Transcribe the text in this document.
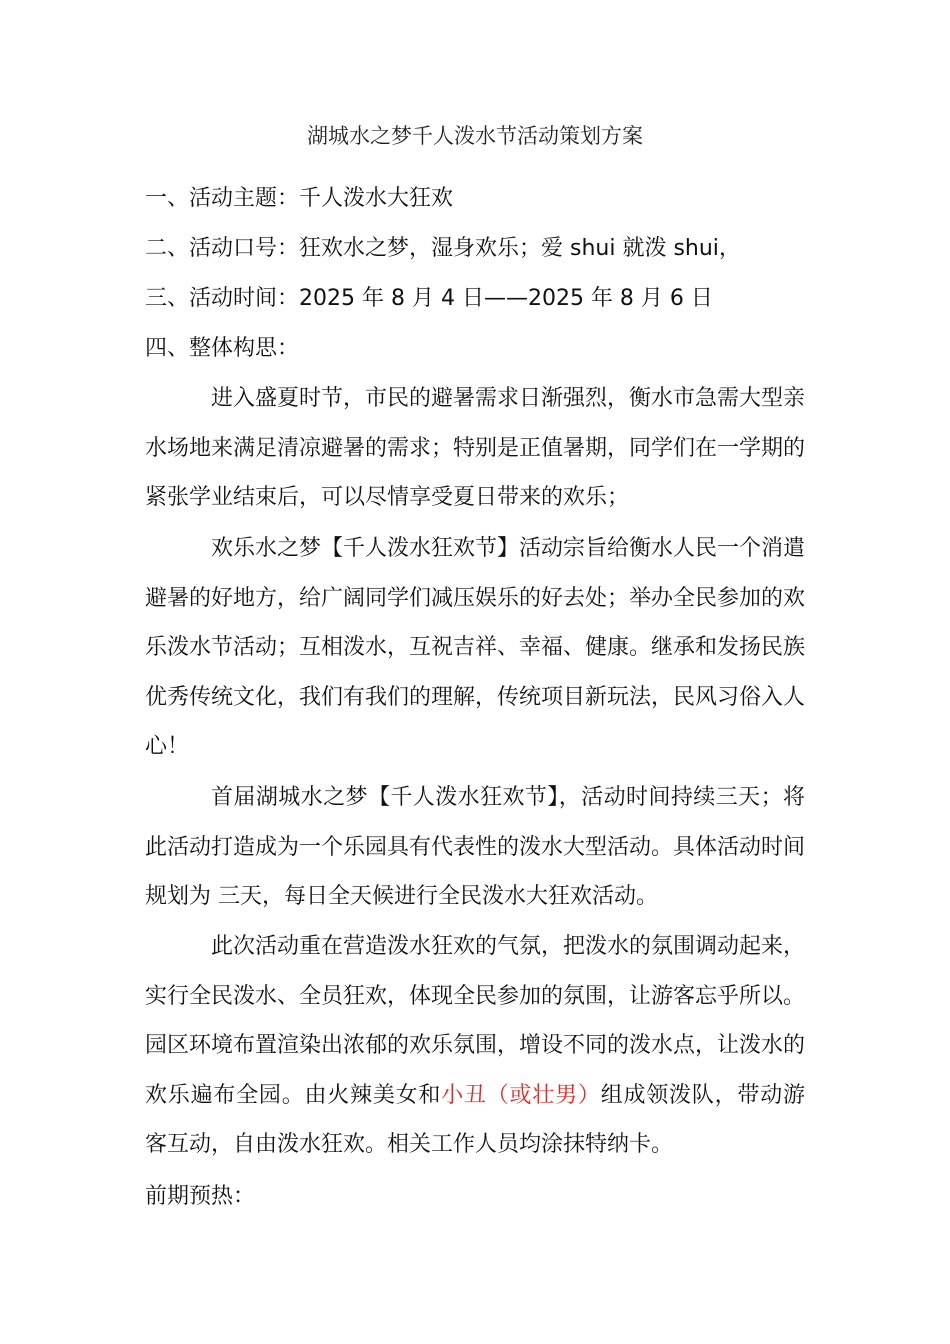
湖城水之梦千人泼水节活动策划方案
一、活动主题：千人泼水大狂欢
二、活动口号：狂欢水之梦，湿身欢乐；爱 shui 就泼 shui，
三、活动时间：2025 年 8 月 4 日——2025 年 8 月 6 日
四、整体构思：
进入盛夏时节，市民的避暑需求日渐强烈，衡水市急需大型亲水场地来满足清凉避暑的需求；特别是正值暑期，同学们在一学期的紧张学业结束后，可以尽情享受夏日带来的欢乐；
欢乐水之梦【千人泼水狂欢节】活动宗旨给衡水人民一个消遣避暑的好地方，给广阔同学们减压娱乐的好去处；举办全民参加的欢乐泼水节活动；互相泼水，互祝吉祥、幸福、健康。继承和发扬民族优秀传统文化，我们有我们的理解，传统项目新玩法，民风习俗入人心！
首届湖城水之梦【千人泼水狂欢节】，活动时间持续三天；将此活动打造成为一个乐园具有代表性的泼水大型活动。具体活动时间规划为 三天，每日全天候进行全民泼水大狂欢活动。
此次活动重在营造泼水狂欢的气氛，把泼水的氛围调动起来，实行全民泼水、全员狂欢，体现全民参加的氛围，让游客忘乎所以。园区环境布置渲染出浓郁的欢乐氛围，增设不同的泼水点，让泼水的欢乐遍布全园。由火辣美女和小丑（或壮男）组成领泼队，带动游客互动，自由泼水狂欢。相关工作人员均涂抹特纳卡。
前期预热：
